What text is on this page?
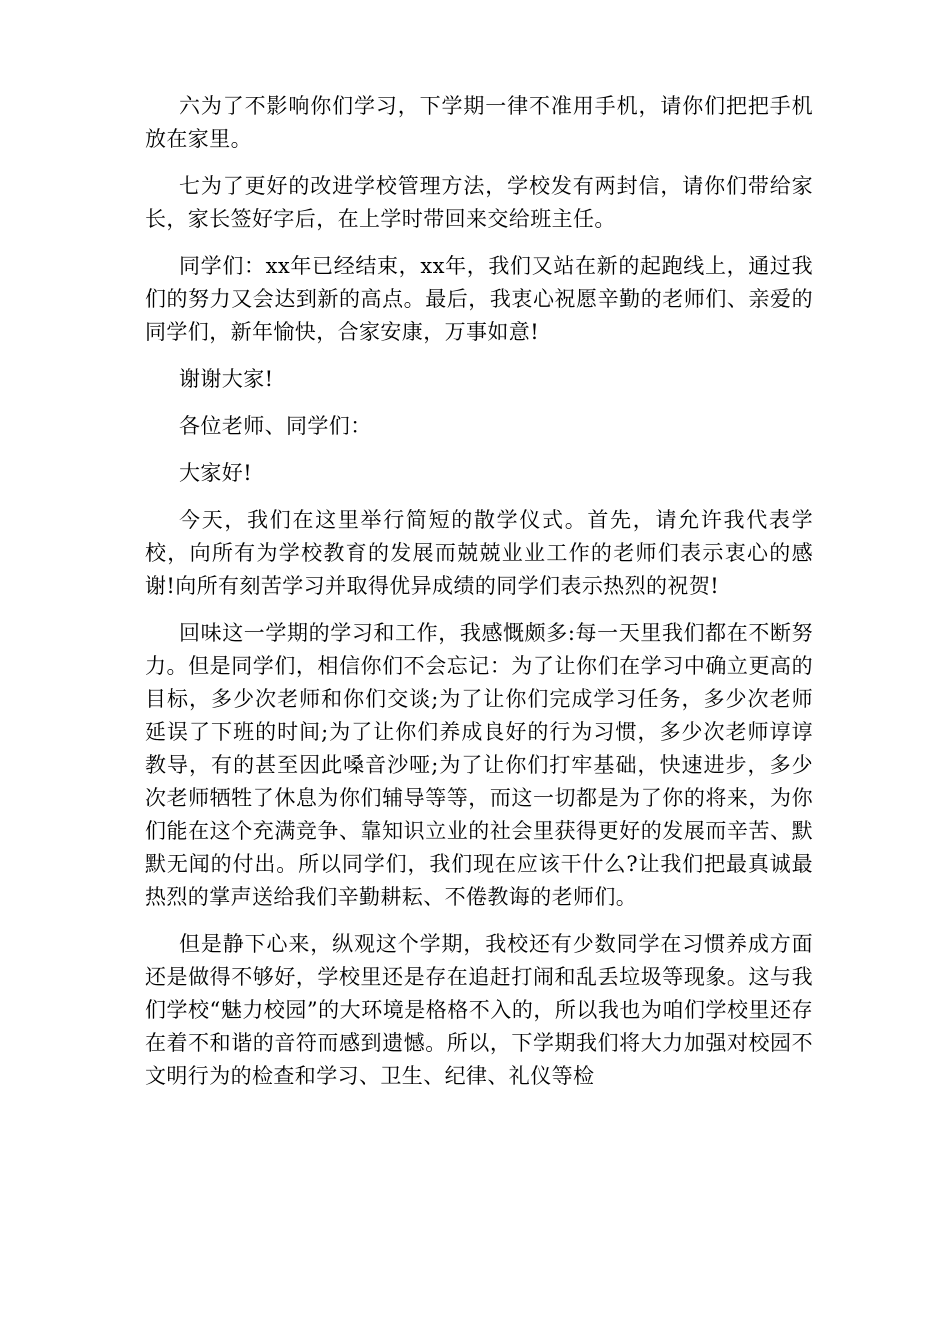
六为了不影响你们学习，下学期一律不准用手机，请你们把把手机放在家里。

七为了更好的改进学校管理方法，学校发有两封信，请你们带给家长，家长签好字后，在上学时带回来交给班主任。

同学们：xx年已经结束，xx年，我们又站在新的起跑线上，通过我们的努力又会达到新的高点。最后，我衷心祝愿辛勤的老师们、亲爱的同学们，新年愉快，合家安康，万事如意!

谢谢大家!

各位老师、同学们：

大家好!

今天，我们在这里举行简短的散学仪式。首先，请允许我代表学校，向所有为学校教育的发展而兢兢业业工作的老师们表示衷心的感谢!向所有刻苦学习并取得优异成绩的同学们表示热烈的祝贺!

回味这一学期的学习和工作，我感慨颇多:每一天里我们都在不断努力。但是同学们，相信你们不会忘记：为了让你们在学习中确立更高的目标，多少次老师和你们交谈;为了让你们完成学习任务，多少次老师延误了下班的时间;为了让你们养成良好的行为习惯，多少次老师谆谆教导，有的甚至因此嗓音沙哑;为了让你们打牢基础，快速进步，多少次老师牺牲了休息为你们辅导等等，而这一切都是为了你的将来，为你们能在这个充满竞争、靠知识立业的社会里获得更好的发展而辛苦、默默无闻的付出。所以同学们，我们现在应该干什么?让我们把最真诚最热烈的掌声送给我们辛勤耕耘、不倦教诲的老师们。

但是静下心来，纵观这个学期，我校还有少数同学在习惯养成方面还是做得不够好，学校里还是存在追赶打闹和乱丢垃圾等现象。这与我们学校“魅力校园”的大环境是格格不入的，所以我也为咱们学校里还存在着不和谐的音符而感到遗憾。所以，下学期我们将大力加强对校园不文明行为的检查和学习、卫生、纪律、礼仪等检
